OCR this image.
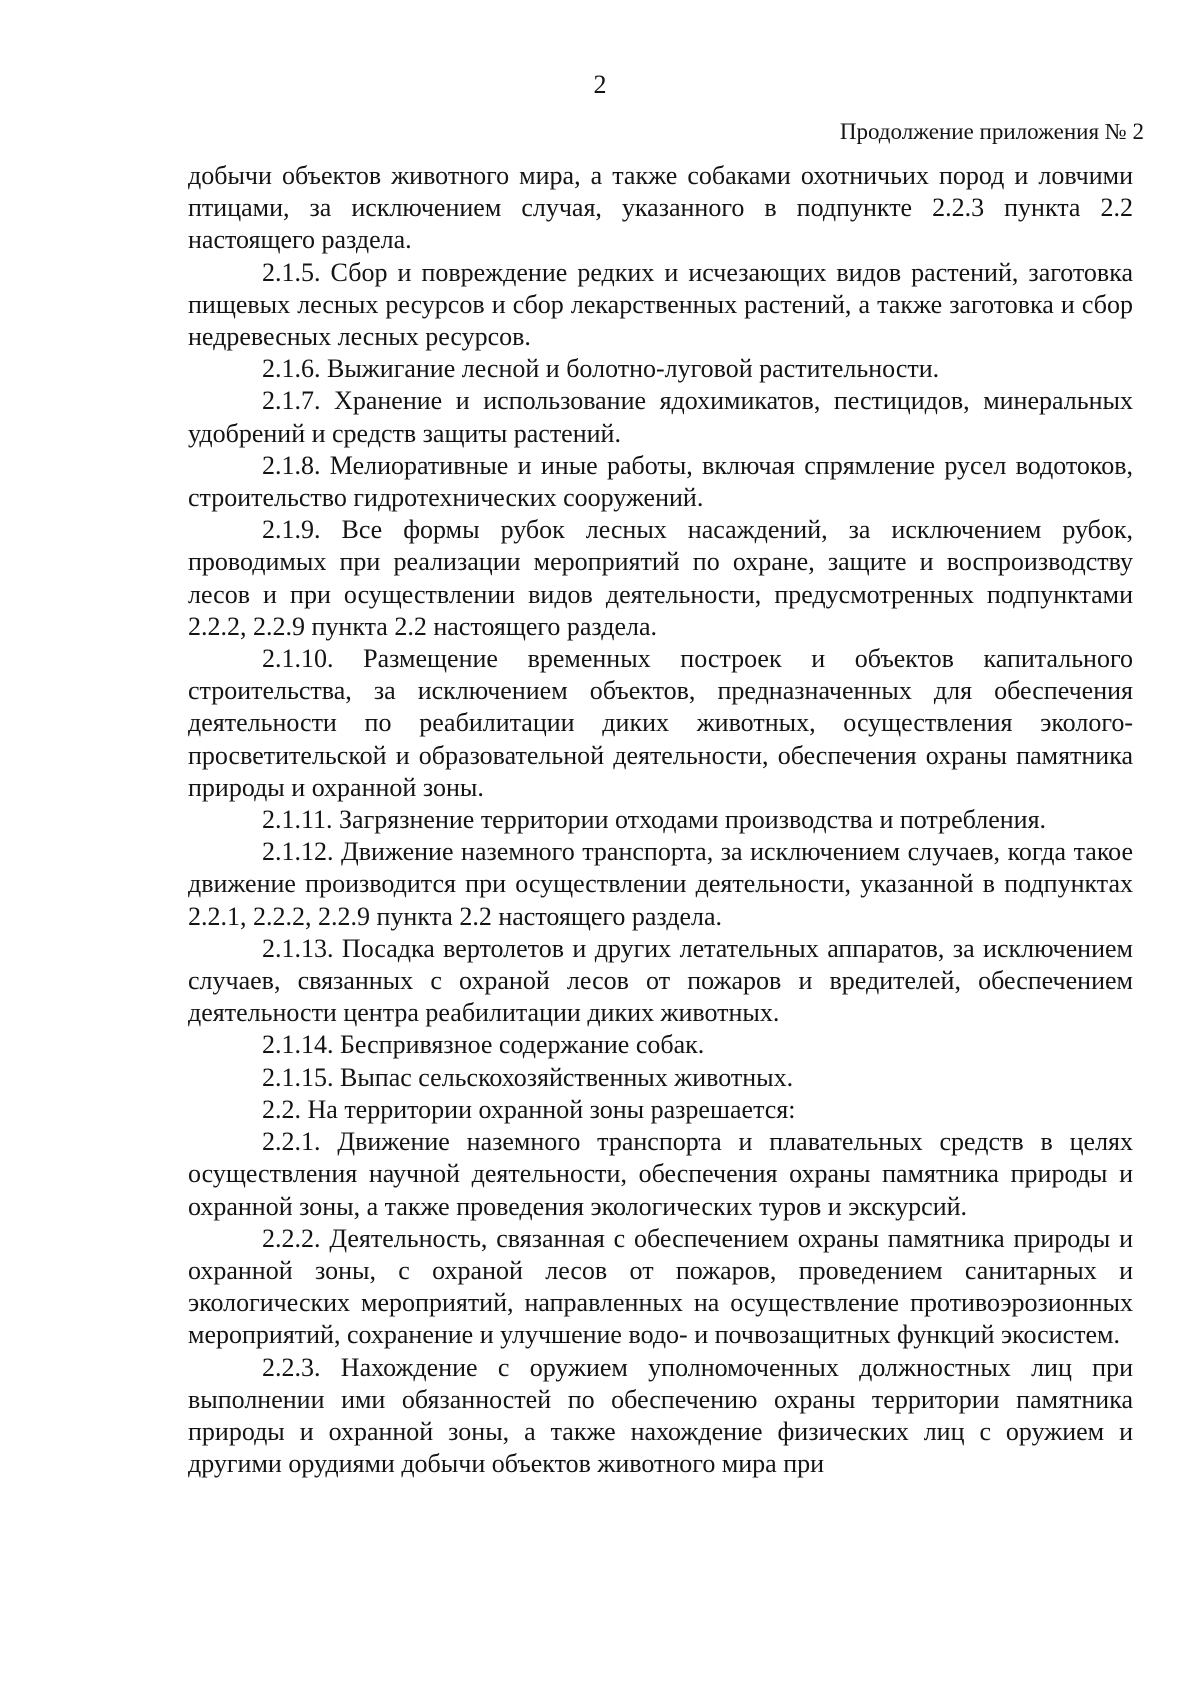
2
Продолжение приложения № 2

добычи объектов животного мира, а также собаками охотничьих пород и ловчими птицами, за исключением случая, указанного в подпункте 2.2.3 пункта 2.2 настоящего раздела.

2.1.5. Сбор и повреждение редких и исчезающих видов растений, заготовка пищевых лесных ресурсов и сбор лекарственных растений, а также заготовка и сбор недревесных лесных ресурсов.

2.1.6. Выжигание лесной и болотно-луговой растительности.

2.1.7. Хранение и использование ядохимикатов, пестицидов, минеральных удобрений и средств защиты растений.

2.1.8. Мелиоративные и иные работы, включая спрямление русел водотоков, строительство гидротехнических сооружений.

2.1.9. Все формы рубок лесных насаждений, за исключением рубок, проводимых при реализации мероприятий по охране, защите и воспроизводству лесов и при осуществлении видов деятельности, предусмотренных подпунктами 2.2.2, 2.2.9 пункта 2.2 настоящего раздела.

2.1.10. Размещение временных построек и объектов капитального строительства, за исключением объектов, предназначенных для обеспечения деятельности по реабилитации диких животных, осуществления эколого-просветительской и образовательной деятельности, обеспечения охраны памятника природы и охранной зоны.

2.1.11. Загрязнение территории отходами производства и потребления.

2.1.12. Движение наземного транспорта, за исключением случаев, когда такое движение производится при осуществлении деятельности, указанной в подпунктах 2.2.1, 2.2.2, 2.2.9 пункта 2.2 настоящего раздела.

2.1.13. Посадка вертолетов и других летательных аппаратов, за исключением случаев, связанных с охраной лесов от пожаров и вредителей, обеспечением деятельности центра реабилитации диких животных.

2.1.14. Беспривязное содержание собак.

2.1.15. Выпас сельскохозяйственных животных.

2.2. На территории охранной зоны разрешается:

2.2.1. Движение наземного транспорта и плавательных средств в целях осуществления научной деятельности, обеспечения охраны памятника природы и охранной зоны, а также проведения экологических туров и экскурсий.

2.2.2. Деятельность, связанная с обеспечением охраны памятника природы и охранной зоны, с охраной лесов от пожаров, проведением санитарных и экологических мероприятий, направленных на осуществление противоэрозионных мероприятий, сохранение и улучшение водо- и почвозащитных функций экосистем.

2.2.3. Нахождение с оружием уполномоченных должностных лиц при выполнении ими обязанностей по обеспечению охраны территории памятника природы и охранной зоны, а также нахождение физических лиц с оружием и другими орудиями добычи объектов животного мира при
